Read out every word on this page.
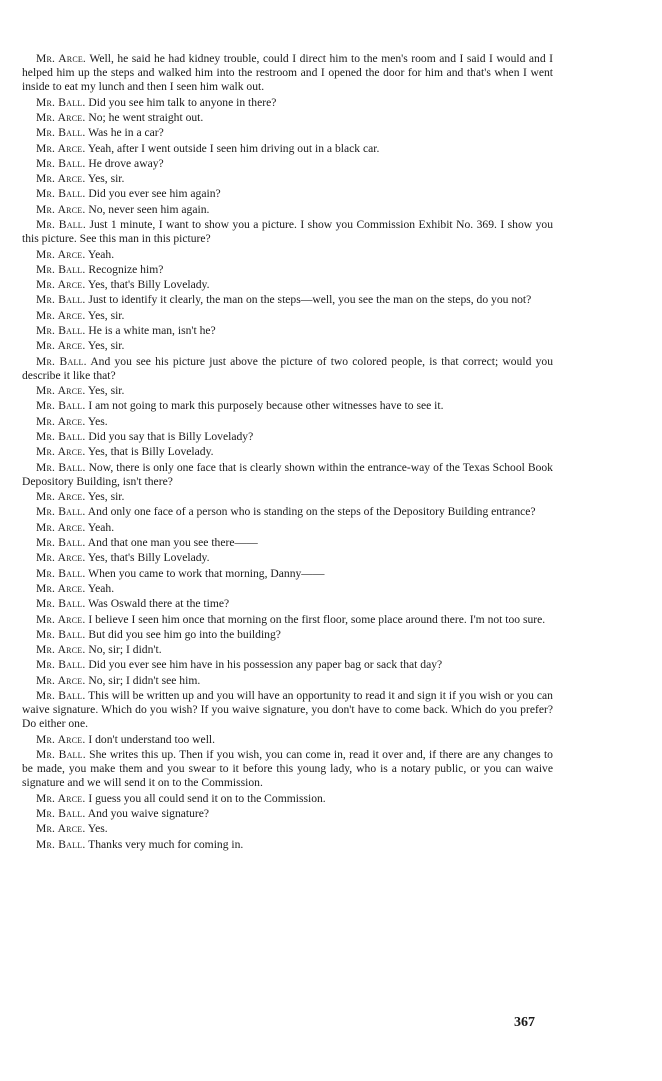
Mr. Arce. Well, he said he had kidney trouble, could I direct him to the men's room and I said I would and I helped him up the steps and walked him into the restroom and I opened the door for him and that's when I went inside to eat my lunch and then I seen him walk out.

Mr. Ball. Did you see him talk to anyone in there?

Mr. Arce. No; he went straight out.

Mr. Ball. Was he in a car?

Mr. Arce. Yeah, after I went outside I seen him driving out in a black car.

Mr. Ball. He drove away?

Mr. Arce. Yes, sir.

Mr. Ball. Did you ever see him again?

Mr. Arce. No, never seen him again.

Mr. Ball. Just 1 minute, I want to show you a picture. I show you Commission Exhibit No. 369. I show you this picture. See this man in this picture?

Mr. Arce. Yeah.

Mr. Ball. Recognize him?

Mr. Arce. Yes, that's Billy Lovelady.

Mr. Ball. Just to identify it clearly, the man on the steps—well, you see the man on the steps, do you not?

Mr. Arce. Yes, sir.

Mr. Ball. He is a white man, isn't he?

Mr. Arce. Yes, sir.

Mr. Ball. And you see his picture just above the picture of two colored people, is that correct; would you describe it like that?

Mr. Arce. Yes, sir.

Mr. Ball. I am not going to mark this purposely because other witnesses have to see it.

Mr. Arce. Yes.

Mr. Ball. Did you say that is Billy Lovelady?

Mr. Arce. Yes, that is Billy Lovelady.

Mr. Ball. Now, there is only one face that is clearly shown within the entrance-way of the Texas School Book Depository Building, isn't there?

Mr. Arce. Yes, sir.

Mr. Ball. And only one face of a person who is standing on the steps of the Depository Building entrance?

Mr. Arce. Yeah.

Mr. Ball. And that one man you see there——

Mr. Arce. Yes, that's Billy Lovelady.

Mr. Ball. When you came to work that morning, Danny——

Mr. Arce. Yeah.

Mr. Ball. Was Oswald there at the time?

Mr. Arce. I believe I seen him once that morning on the first floor, some place around there. I'm not too sure.

Mr. Ball. But did you see him go into the building?

Mr. Arce. No, sir; I didn't.

Mr. Ball. Did you ever see him have in his possession any paper bag or sack that day?

Mr. Arce. No, sir; I didn't see him.

Mr. Ball. This will be written up and you will have an opportunity to read it and sign it if you wish or you can waive signature. Which do you wish? If you waive signature, you don't have to come back. Which do you prefer? Do either one.

Mr. Arce. I don't understand too well.

Mr. Ball. She writes this up. Then if you wish, you can come in, read it over and, if there are any changes to be made, you make them and you swear to it before this young lady, who is a notary public, or you can waive signature and we will send it on to the Commission.

Mr. Arce. I guess you all could send it on to the Commission.

Mr. Ball. And you waive signature?

Mr. Arce. Yes.

Mr. Ball. Thanks very much for coming in.

367
